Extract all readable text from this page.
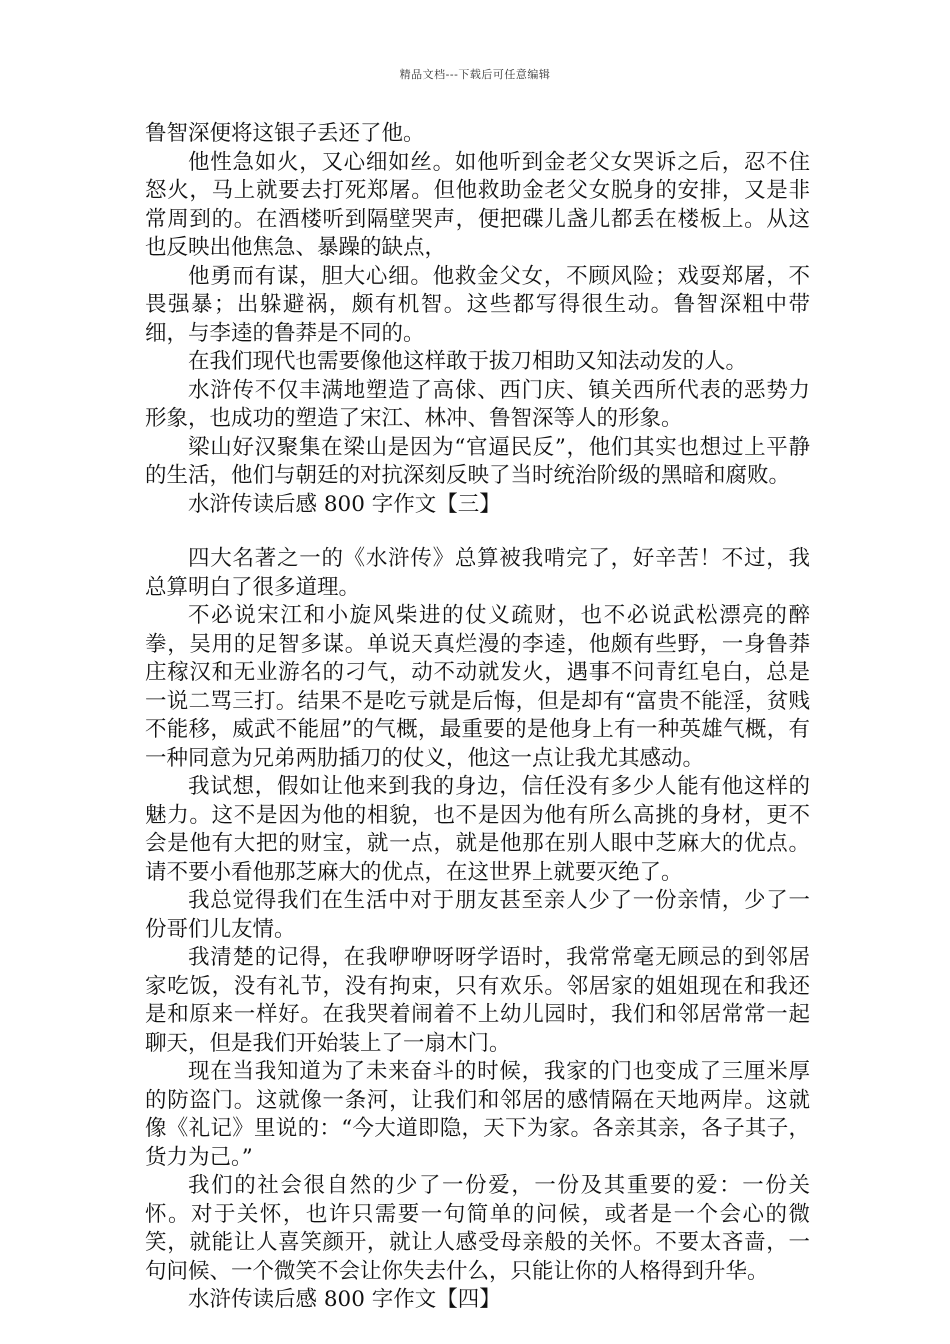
精品文档---下载后可任意编辑

鲁智深便将这银子丢还了他。

他性急如火，又心细如丝。如他听到金老父女哭诉之后，忍不住怒火，马上就要去打死郑屠。但他救助金老父女脱身的安排，又是非常周到的。在酒楼听到隔壁哭声，便把碟儿盏儿都丢在楼板上。从这也反映出他焦急、暴躁的缺点，

他勇而有谋，胆大心细。他救金父女，不顾风险；戏耍郑屠，不畏强暴；出躲避祸，颇有机智。这些都写得很生动。鲁智深粗中带细，与李逵的鲁莽是不同的。

在我们现代也需要像他这样敢于拔刀相助又知法动发的人。

水浒传不仅丰满地塑造了高俅、西门庆、镇关西所代表的恶势力形象，也成功的塑造了宋江、林冲、鲁智深等人的形象。

梁山好汉聚集在梁山是因为“官逼民反”，他们其实也想过上平静的生活，他们与朝廷的对抗深刻反映了当时统治阶级的黑暗和腐败。

水浒传读后感 800 字作文【三】

四大名著之一的《水浒传》总算被我啃完了，好辛苦！不过，我总算明白了很多道理。

不必说宋江和小旋风柴进的仗义疏财，也不必说武松漂亮的醉拳，吴用的足智多谋。单说天真烂漫的李逵，他颇有些野，一身鲁莽庄稼汉和无业游名的刁气，动不动就发火，遇事不问青红皂白，总是一说二骂三打。结果不是吃亏就是后悔，但是却有“富贵不能淫，贫贱不能移，威武不能屈”的气概，最重要的是他身上有一种英雄气概，有一种同意为兄弟两肋插刀的仗义，他这一点让我尤其感动。

我试想，假如让他来到我的身边，信任没有多少人能有他这样的魅力。这不是因为他的相貌，也不是因为他有所么高挑的身材，更不会是他有大把的财宝，就一点，就是他那在别人眼中芝麻大的优点。请不要小看他那芝麻大的优点，在这世界上就要灭绝了。

我总觉得我们在生活中对于朋友甚至亲人少了一份亲情，少了一份哥们儿友情。

我清楚的记得，在我咿咿呀呀学语时，我常常毫无顾忌的到邻居家吃饭，没有礼节，没有拘束，只有欢乐。邻居家的姐姐现在和我还是和原来一样好。在我哭着闹着不上幼儿园时，我们和邻居常常一起聊天，但是我们开始装上了一扇木门。

现在当我知道为了未来奋斗的时候，我家的门也变成了三厘米厚的防盗门。这就像一条河，让我们和邻居的感情隔在天地两岸。这就像《礼记》里说的：“今大道即隐，天下为家。各亲其亲，各子其子，货力为己。”

我们的社会很自然的少了一份爱，一份及其重要的爱：一份关怀。对于关怀，也许只需要一句简单的问候，或者是一个会心的微笑，就能让人喜笑颜开，就让人感受母亲般的关怀。不要太吝啬，一句问候、一个微笑不会让你失去什么，只能让你的人格得到升华。

水浒传读后感 800 字作文【四】
